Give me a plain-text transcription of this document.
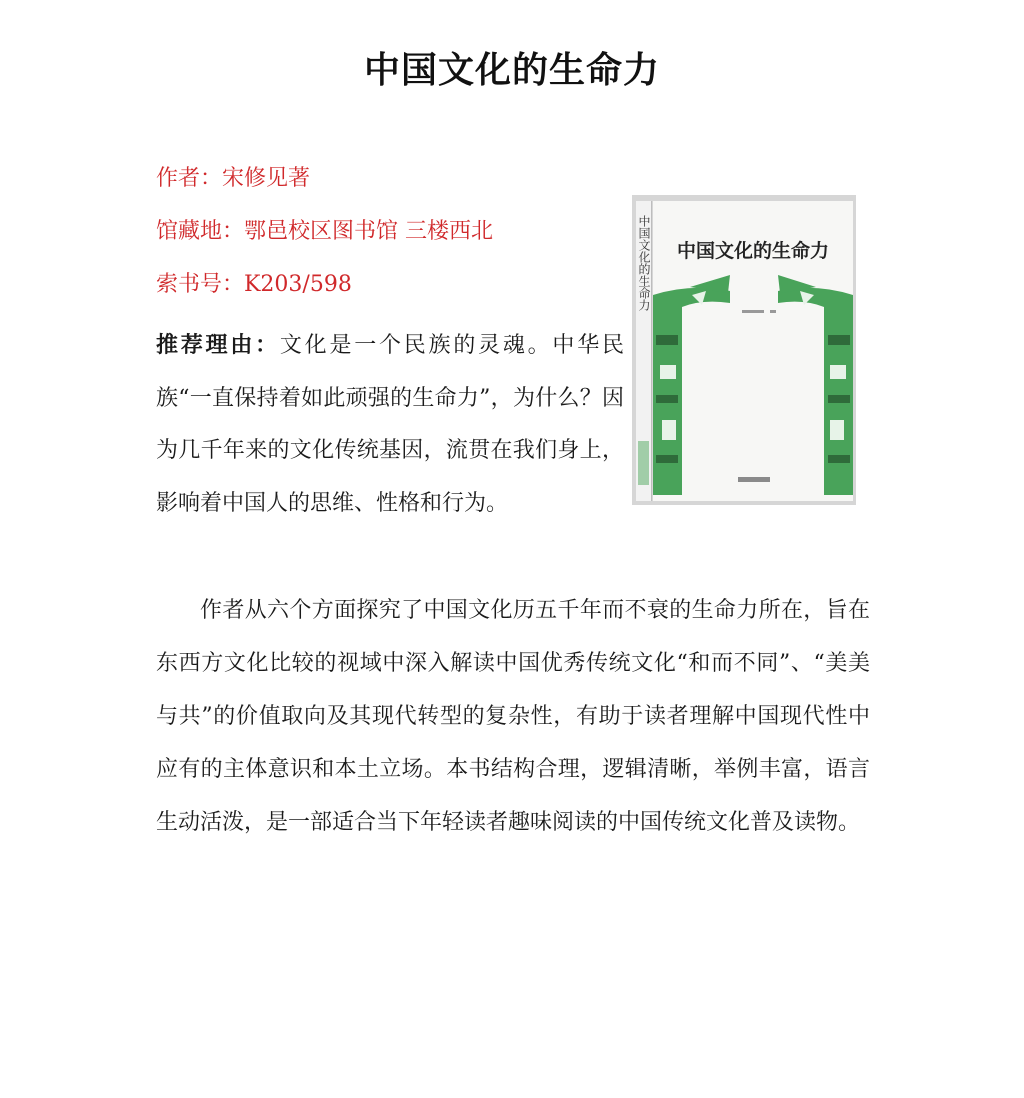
中国文化的生命力
作者：宋修见著
馆藏地：鄂邑校区图书馆 三楼西北
索书号：K203/598
推荐理由：文化是一个民族的灵魂。中华民族“一直保持着如此顽强的生命力”，为什么？因为几千年来的文化传统基因，流贯在我们身上，影响着中国人的思维、性格和行为。
作者从六个方面探究了中国文化历五千年而不衰的生命力所在，旨在东西方文化比较的视域中深入解读中国优秀传统文化“和而不同”、“美美与共”的价值取向及其现代转型的复杂性，有助于读者理解中国现代性中应有的主体意识和本土立场。本书结构合理，逻辑清晰，举例丰富，语言生动活泼，是一部适合当下年轻读者趣味阅读的中国传统文化普及读物。
中国文化的生命力 中国文化的生命力
